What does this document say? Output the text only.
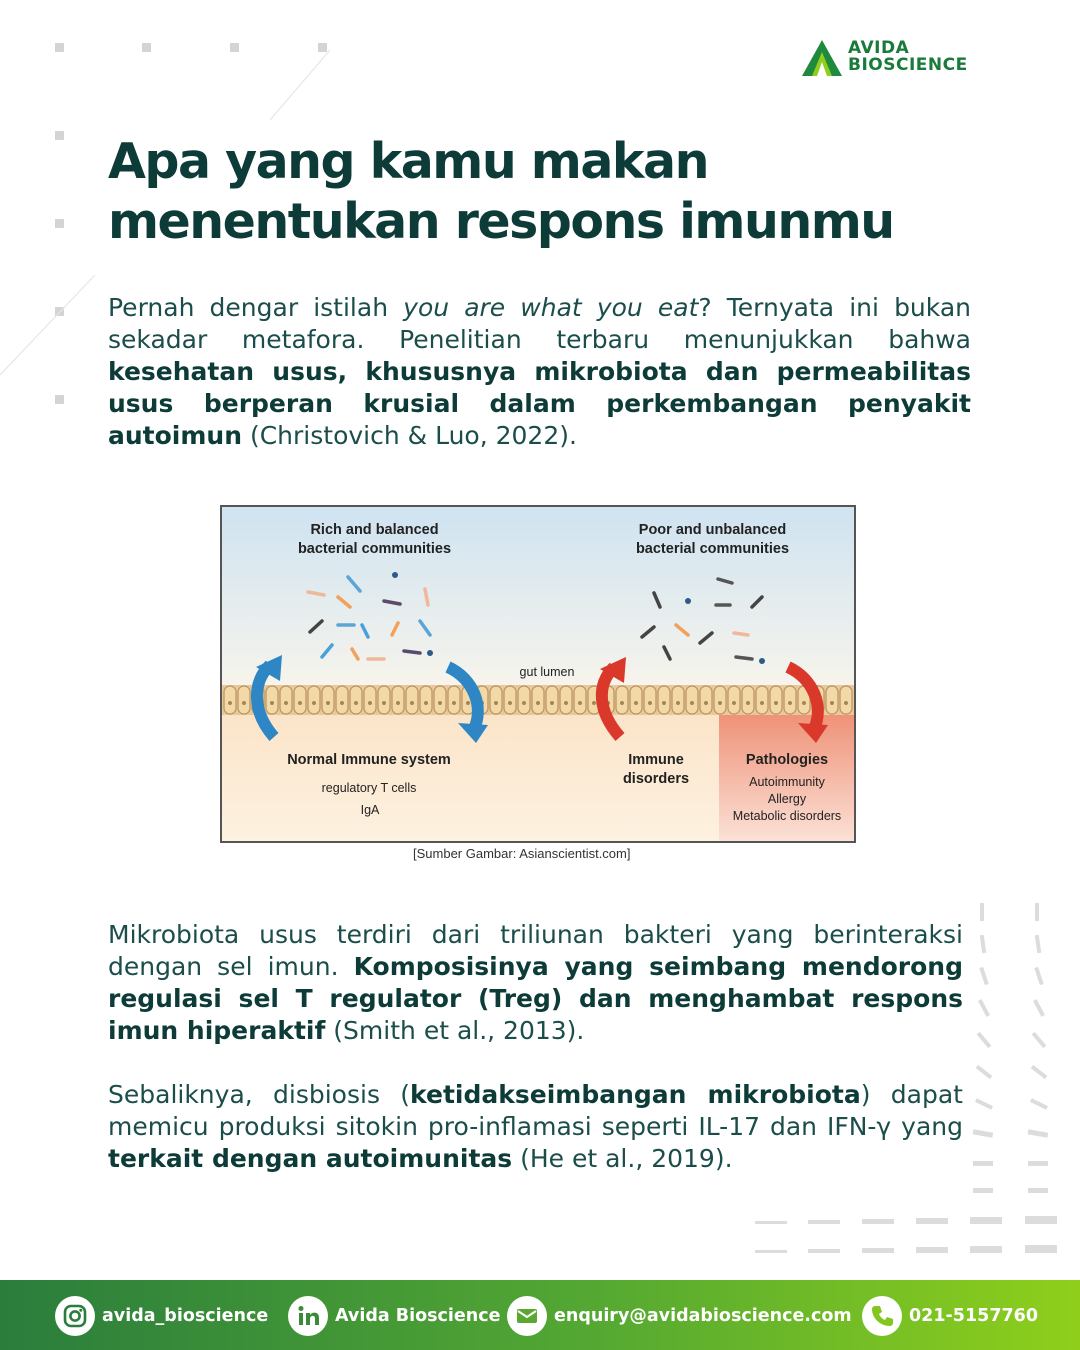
AVIDA
BIOSCIENCE
Apa yang kamu makan
menentukan respons imunmu

Pernah dengar istilah you are what you eat? Ternyata ini bukan sekadar metafora. Penelitian terbaru menunjukkan bahwa kesehatan usus, khususnya mikrobiota dan permeabilitas usus berperan krusial dalam perkembangan penyakit autoimun (Christovich & Luo, 2022).

Rich and balanced
bacterial communities
Poor and unbalanced
bacterial communities
gut lumen
Normal Immune system
regulatory T cells
IgA
Immune
disorders
Pathologies
Autoimmunity
Allergy
Metabolic disorders
[Sumber Gambar: Asianscientist.com]

Mikrobiota usus terdiri dari triliunan bakteri yang berinteraksi dengan sel imun. Komposisinya yang seimbang mendorong regulasi sel T regulator (Treg) dan menghambat respons imun hiperaktif (Smith et al., 2013).

Sebaliknya, disbiosis (ketidakseimbangan mikrobiota) dapat memicu produksi sitokin pro-inflamasi seperti IL-17 dan IFN-γ yang terkait dengan autoimunitas (He et al., 2019).

avida_bioscience	Avida Bioscience	enquiry@avidabioscience.com	021-5157760
